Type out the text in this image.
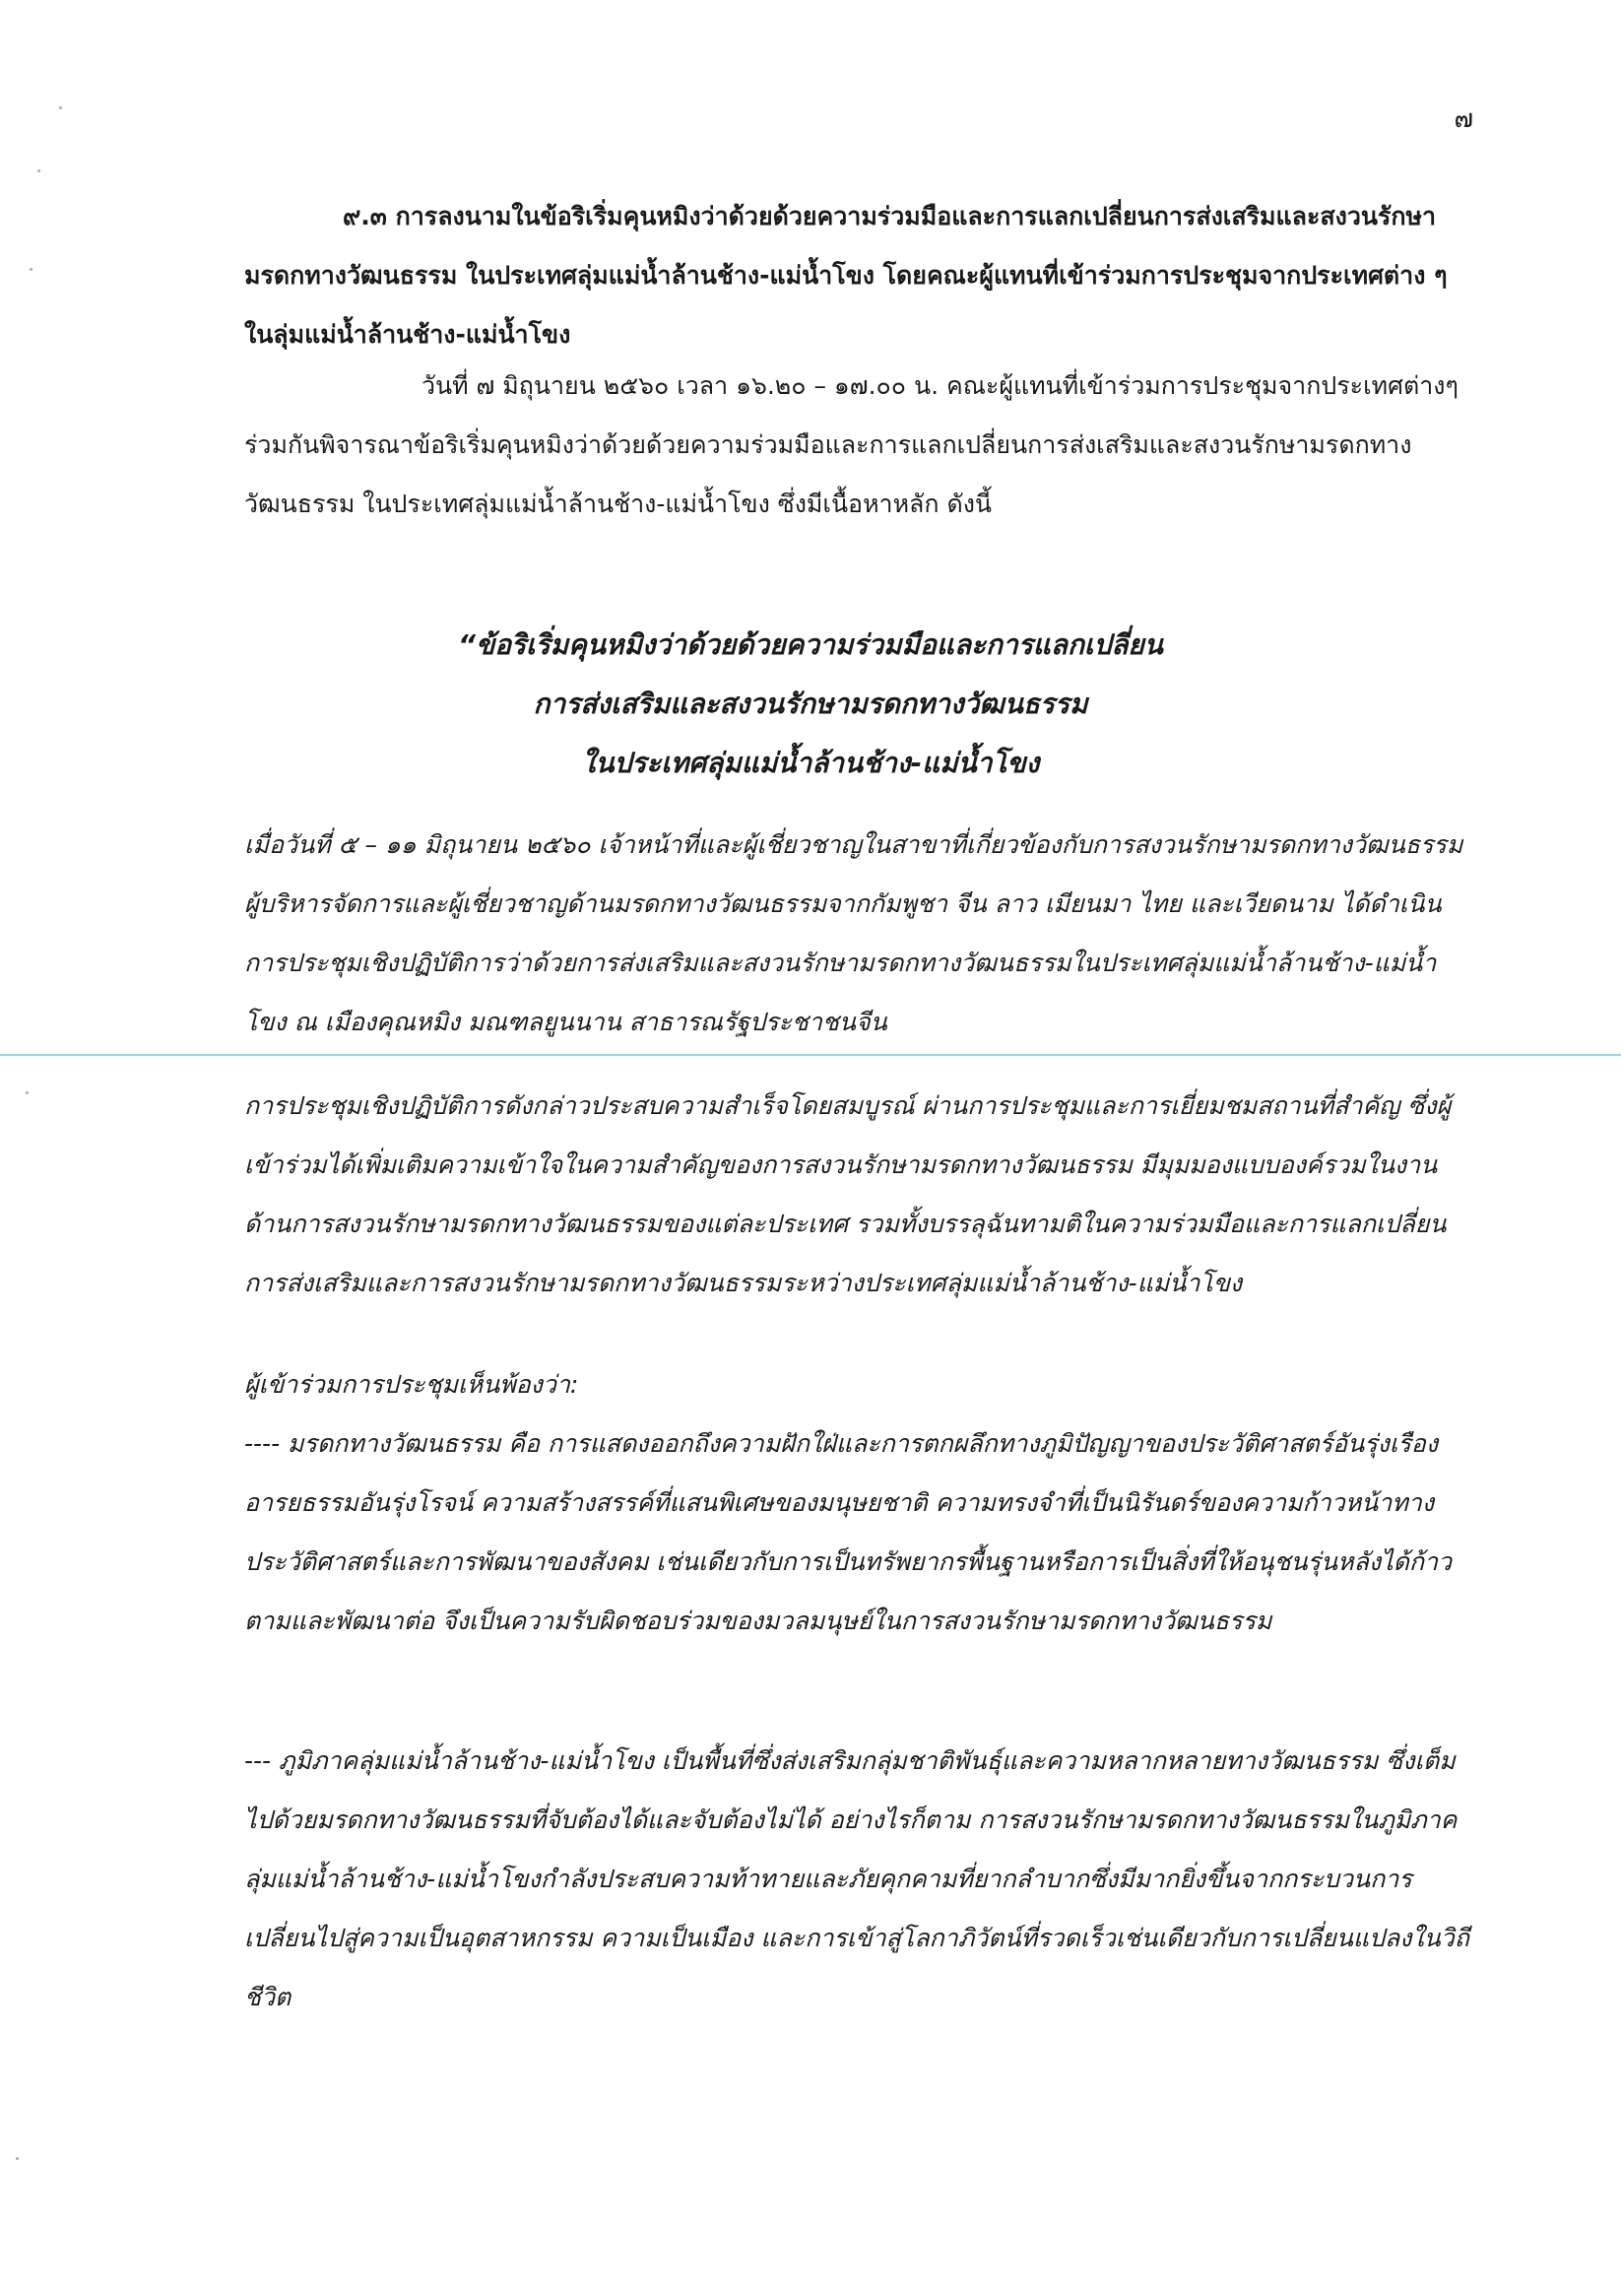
๗

๙.๓ การลงนามในข้อริเริ่มคุนหมิงว่าด้วยด้วยความร่วมมือและการแลกเปลี่ยนการส่งเสริมและสงวนรักษามรดกทางวัฒนธรรม ในประเทศลุ่มแม่น้ำล้านช้าง-แม่น้ำโขง โดยคณะผู้แทนที่เข้าร่วมการประชุมจากประเทศต่าง ๆ ในลุ่มแม่น้ำล้านช้าง-แม่น้ำโขง

วันที่ ๗ มิถุนายน ๒๕๖๐ เวลา ๑๖.๒๐ – ๑๗.๐๐ น. คณะผู้แทนที่เข้าร่วมการประชุมจากประเทศต่างๆ ร่วมกันพิจารณาข้อริเริ่มคุนหมิงว่าด้วยด้วยความร่วมมือและการแลกเปลี่ยนการส่งเสริมและสงวนรักษามรดกทางวัฒนธรรม ในประเทศลุ่มแม่น้ำล้านช้าง-แม่น้ำโขง ซึ่งมีเนื้อหาหลัก ดังนี้

“ข้อริเริ่มคุนหมิงว่าด้วยด้วยความร่วมมือและการแลกเปลี่ยน
การส่งเสริมและสงวนรักษามรดกทางวัฒนธรรม
ในประเทศลุ่มแม่น้ำล้านช้าง-แม่น้ำโขง

เมื่อวันที่ ๕ – ๑๑ มิถุนายน ๒๕๖๐ เจ้าหน้าที่และผู้เชี่ยวชาญในสาขาที่เกี่ยวข้องกับการสงวนรักษามรดกทางวัฒนธรรม ผู้บริหารจัดการและผู้เชี่ยวชาญด้านมรดกทางวัฒนธรรมจากกัมพูชา จีน ลาว เมียนมา ไทย และเวียดนาม ได้ดำเนินการประชุมเชิงปฏิบัติการว่าด้วยการส่งเสริมและสงวนรักษามรดกทางวัฒนธรรมในประเทศลุ่มแม่น้ำล้านช้าง-แม่น้ำโขง ณ เมืองคุณหมิง มณฑลยูนนาน สาธารณรัฐประชาชนจีน

การประชุมเชิงปฏิบัติการดังกล่าวประสบความสำเร็จโดยสมบูรณ์ ผ่านการประชุมและการเยี่ยมชมสถานที่สำคัญ ซึ่งผู้เข้าร่วมได้เพิ่มเติมความเข้าใจในความสำคัญของการสงวนรักษามรดกทางวัฒนธรรม มีมุมมองแบบองค์รวมในงานด้านการสงวนรักษามรดกทางวัฒนธรรมของแต่ละประเทศ รวมทั้งบรรลุฉันทามติในความร่วมมือและการแลกเปลี่ยนการส่งเสริมและการสงวนรักษามรดกทางวัฒนธรรมระหว่างประเทศลุ่มแม่น้ำล้านช้าง-แม่น้ำโขง

ผู้เข้าร่วมการประชุมเห็นพ้องว่า:
---- มรดกทางวัฒนธรรม คือ การแสดงออกถึงความฝักใฝ่และการตกผลึกทางภูมิปัญญาของประวัติศาสตร์อันรุ่งเรือง อารยธรรมอันรุ่งโรจน์ ความสร้างสรรค์ที่แสนพิเศษของมนุษยชาติ ความทรงจำที่เป็นนิรันดร์ของความก้าวหน้าทางประวัติศาสตร์และการพัฒนาของสังคม เช่นเดียวกับการเป็นทรัพยากรพื้นฐานหรือการเป็นสิ่งที่ให้อนุชนรุ่นหลังได้ก้าวตามและพัฒนาต่อ จึงเป็นความรับผิดชอบร่วมของมวลมนุษย์ในการสงวนรักษามรดกทางวัฒนธรรม

--- ภูมิภาคลุ่มแม่น้ำล้านช้าง-แม่น้ำโขง เป็นพื้นที่ซึ่งส่งเสริมกลุ่มชาติพันธุ์และความหลากหลายทางวัฒนธรรม ซึ่งเต็มไปด้วยมรดกทางวัฒนธรรมที่จับต้องได้และจับต้องไม่ได้ อย่างไรก็ตาม การสงวนรักษามรดกทางวัฒนธรรมในภูมิภาคลุ่มแม่น้ำล้านช้าง-แม่น้ำโขงกำลังประสบความท้าทายและภัยคุกคามที่ยากลำบากซึ่งมีมากยิ่งขึ้นจากกระบวนการเปลี่ยนไปสู่ความเป็นอุตสาหกรรม ความเป็นเมือง และการเข้าสู่โลกาภิวัตน์ที่รวดเร็วเช่นเดียวกับการเปลี่ยนแปลงในวิถีชีวิต
